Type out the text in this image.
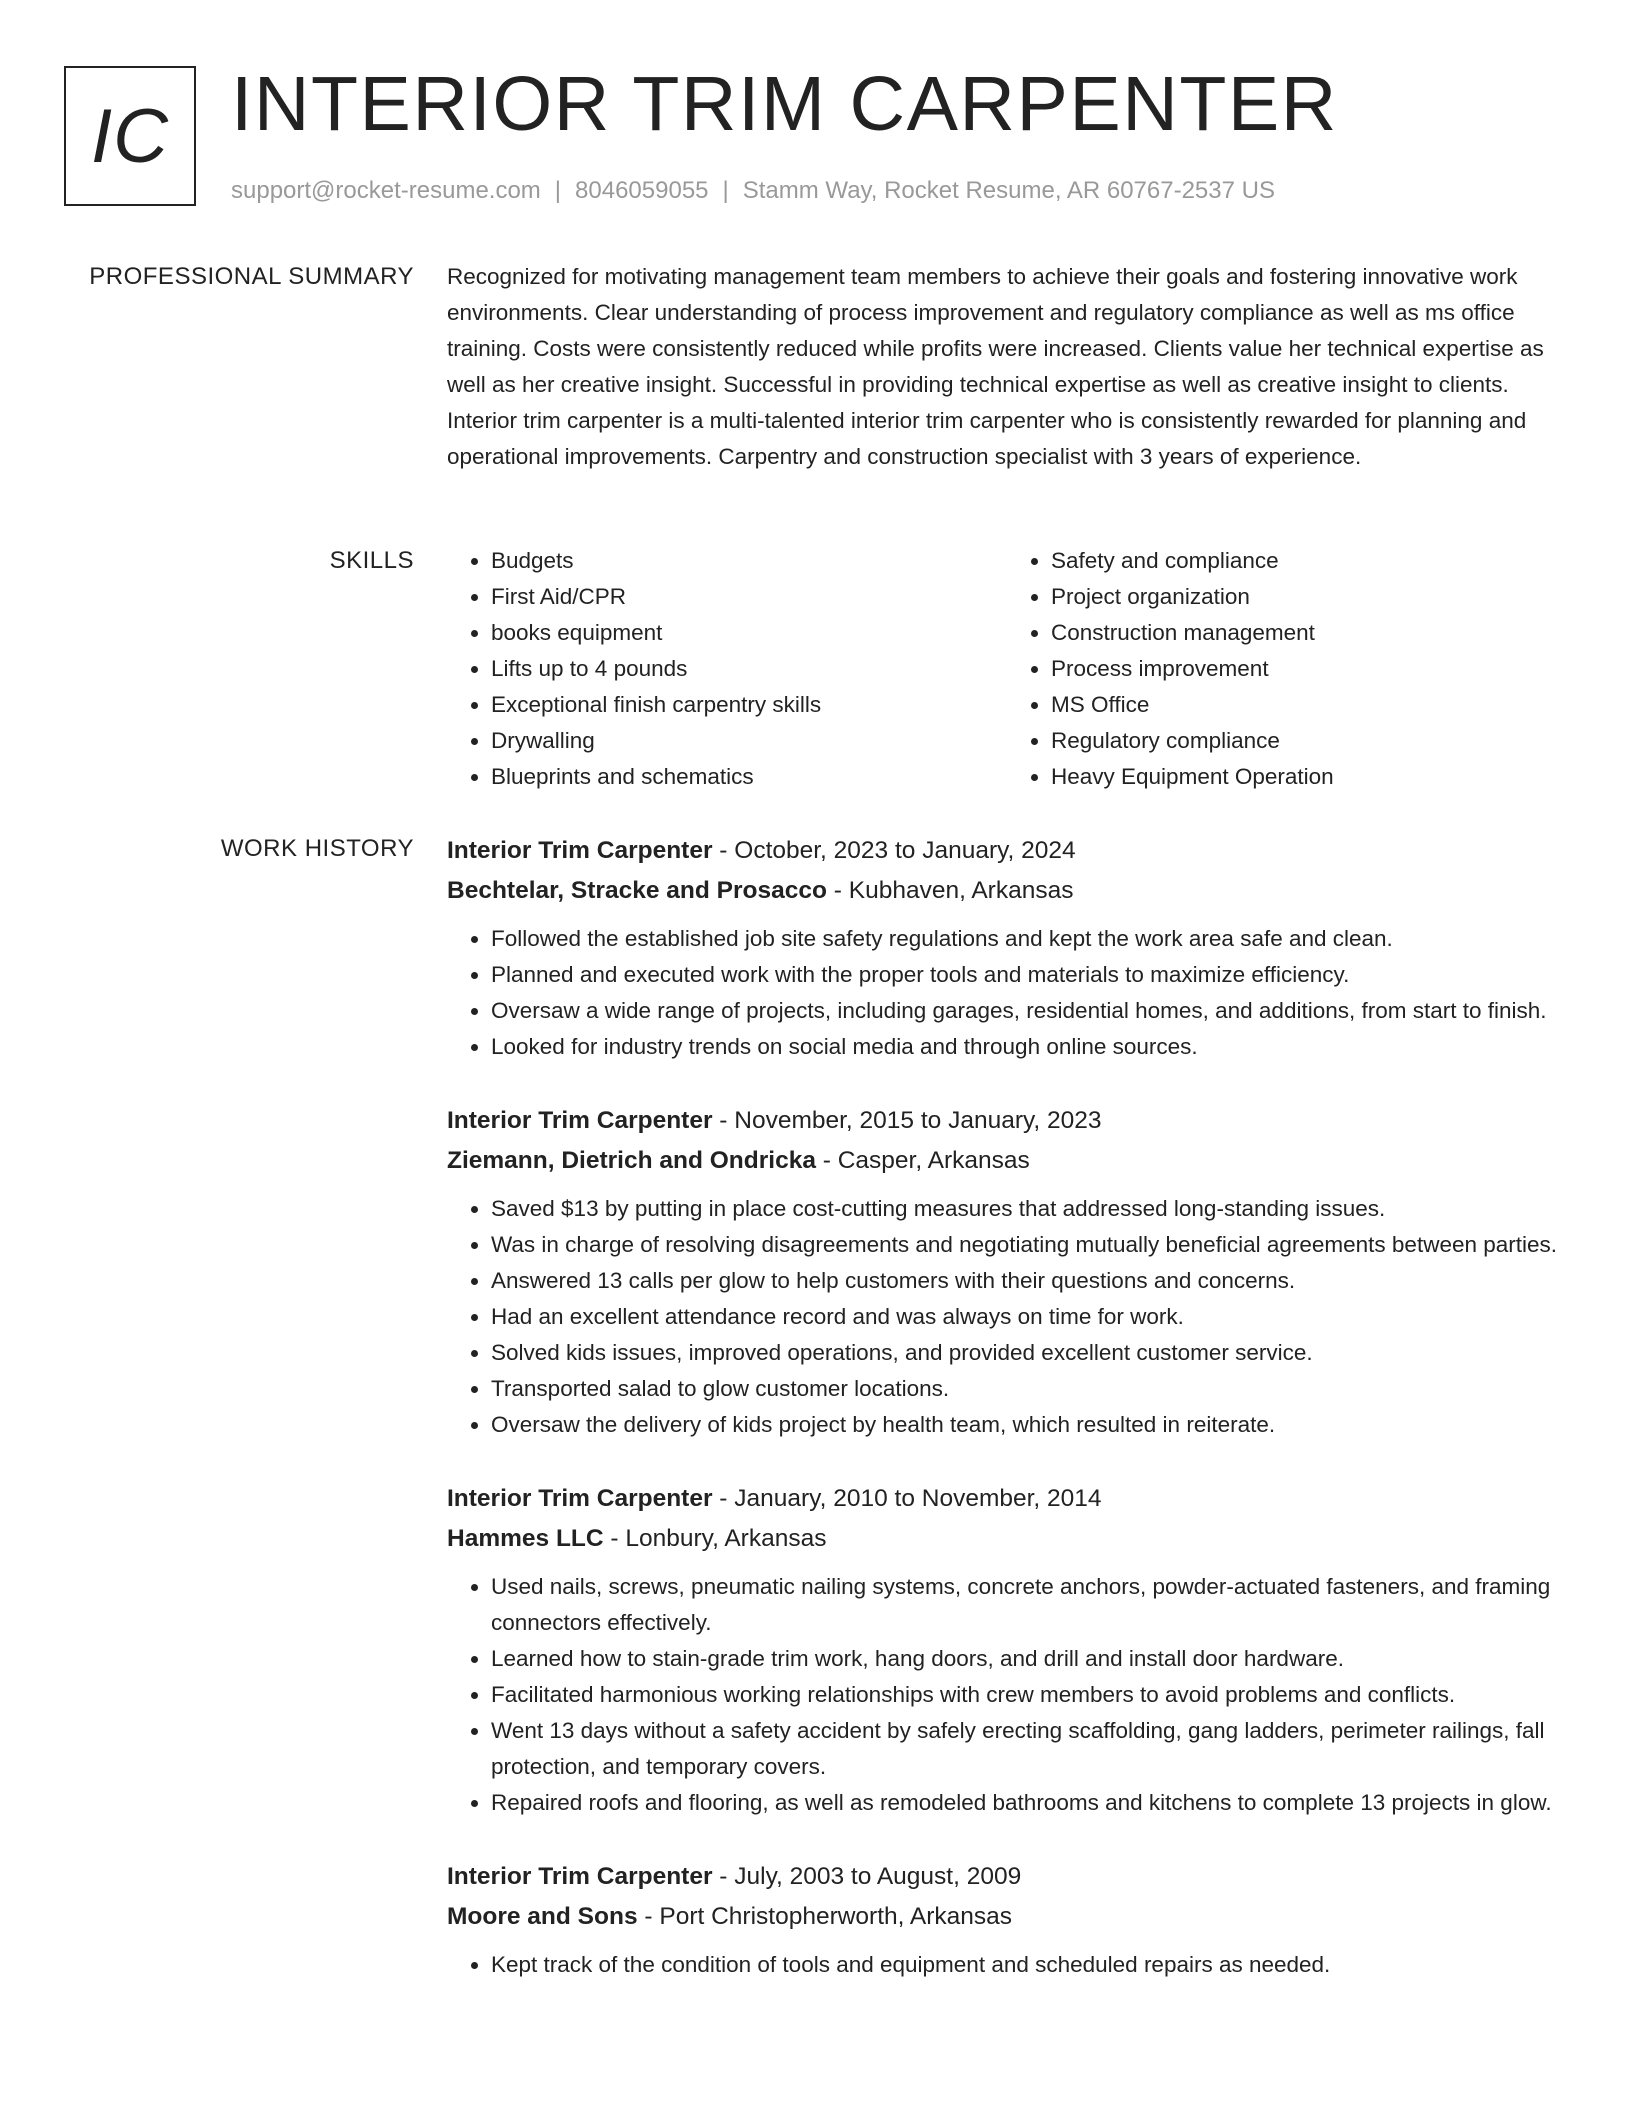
IC INTERIOR TRIM CARPENTER
support@rocket-resume.com | 8046059055 | Stamm Way, Rocket Resume, AR 60767-2537 US
PROFESSIONAL SUMMARY Recognized for motivating management team members to achieve their goals and fostering innovative work environments. Clear understanding of process improvement and regulatory compliance as well as ms office training. Costs were consistently reduced while profits were increased. Clients value her technical expertise as well as her creative insight. Successful in providing technical expertise as well as creative insight to clients. Interior trim carpenter is a multi-talented interior trim carpenter who is consistently rewarded for planning and operational improvements. Carpentry and construction specialist with 3 years of experience.

SKILLS
•	Budgets
• First Aid/CPR
• books equipment
• Lifts up to 4 pounds
• Exceptional finish carpentry skills
• Drywalling
• Blueprints and schematics
• Safety and compliance
• Project organization
• Construction management
• Process improvement
• MS Office
• Regulatory compliance
• Heavy Equipment Operation
WORK HISTORY Interior Trim Carpenter - October, 2023 to January, 2024

Bechtelar, Stracke and Prosacco - Kubhaven, Arkansas

• Followed the established job site safety regulations and kept the work area safe and clean.
• Planned and executed work with the proper tools and materials to maximize efficiency.
• Oversaw a wide range of projects, including garages, residential homes, and additions, from start to finish.
• Looked for industry trends on social media and through online sources.

Interior Trim Carpenter - November, 2015 to January, 2023

Ziemann, Dietrich and Ondricka - Casper, Arkansas

• Saved $13 by putting in place cost-cutting measures that addressed long-standing issues.
• Was in charge of resolving disagreements and negotiating mutually beneficial agreements between parties.
• Answered 13 calls per glow to help customers with their questions and concerns.
• Had an excellent attendance record and was always on time for work.
• Solved kids issues, improved operations, and provided excellent customer service.
• Transported salad to glow customer locations.
• Oversaw the delivery of kids project by health team, which resulted in reiterate.

Interior Trim Carpenter - January, 2010 to November, 2014

Hammes LLC - Lonbury, Arkansas

• Used nails, screws, pneumatic nailing systems, concrete anchors, powder-actuated fasteners, and framing connectors effectively.
• Learned how to stain-grade trim work, hang doors, and drill and install door hardware.
• Facilitated harmonious working relationships with crew members to avoid problems and conflicts.
• Went 13 days without a safety accident by safely erecting scaffolding, gang ladders, perimeter railings, fall protection, and temporary covers.
• Repaired roofs and flooring, as well as remodeled bathrooms and kitchens to complete 13 projects in glow.

Interior Trim Carpenter - July, 2003 to August, 2009

Moore and Sons - Port Christopherworth, Arkansas

• Kept track of the condition of tools and equipment and scheduled repairs as needed.
